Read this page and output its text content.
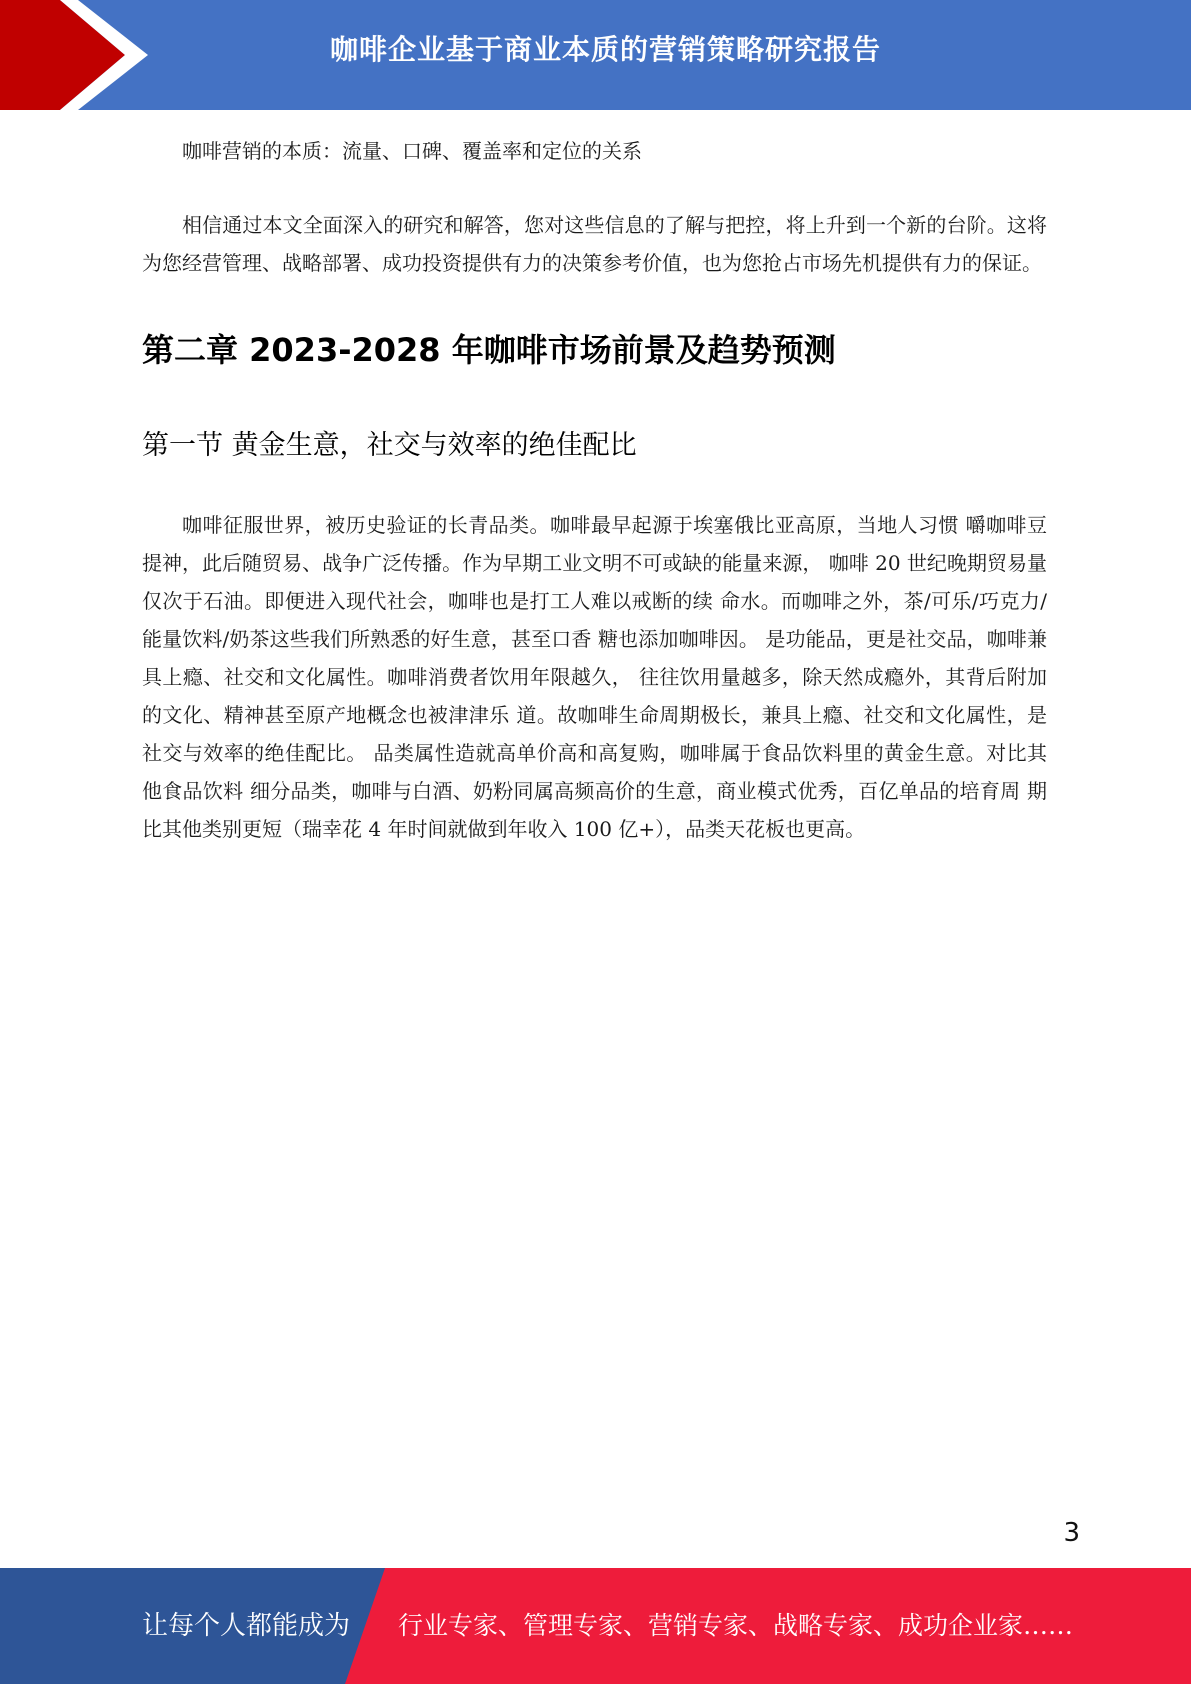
咖啡企业基于商业本质的营销策略研究报告

咖啡营销的本质：流量、口碑、覆盖率和定位的关系

相信通过本文全面深入的研究和解答，您对这些信息的了解与把控，将上升到一个新的台阶。这将为您经营管理、战略部署、成功投资提供有力的决策参考价值，也为您抢占市场先机提供有力的保证。

第二章 2023-2028 年咖啡市场前景及趋势预测
第一节 黄金生意，社交与效率的绝佳配比

咖啡征服世界，被历史验证的长青品类。咖啡最早起源于埃塞俄比亚高原，当地人习惯 嚼咖啡豆提神，此后随贸易、战争广泛传播。作为早期工业文明不可或缺的能量来源， 咖啡 20 世纪晚期贸易量仅次于石油。即便进入现代社会，咖啡也是打工人难以戒断的续 命水。而咖啡之外，茶/可乐/巧克力/能量饮料/奶茶这些我们所熟悉的好生意，甚至口香 糖也添加咖啡因。 是功能品，更是社交品，咖啡兼具上瘾、社交和文化属性。咖啡消费者饮用年限越久， 往往饮用量越多，除天然成瘾外，其背后附加的文化、精神甚至原产地概念也被津津乐 道。故咖啡生命周期极长，兼具上瘾、社交和文化属性，是社交与效率的绝佳配比。 品类属性造就高单价高和高复购，咖啡属于食品饮料里的黄金生意。对比其他食品饮料 细分品类，咖啡与白酒、奶粉同属高频高价的生意，商业模式优秀，百亿单品的培育周 期比其他类别更短（瑞幸花 4 年时间就做到年收入 100 亿+），品类天花板也更高。

3
让每个人都能成为 行业专家、管理专家、营销专家、战略专家、成功企业家……
